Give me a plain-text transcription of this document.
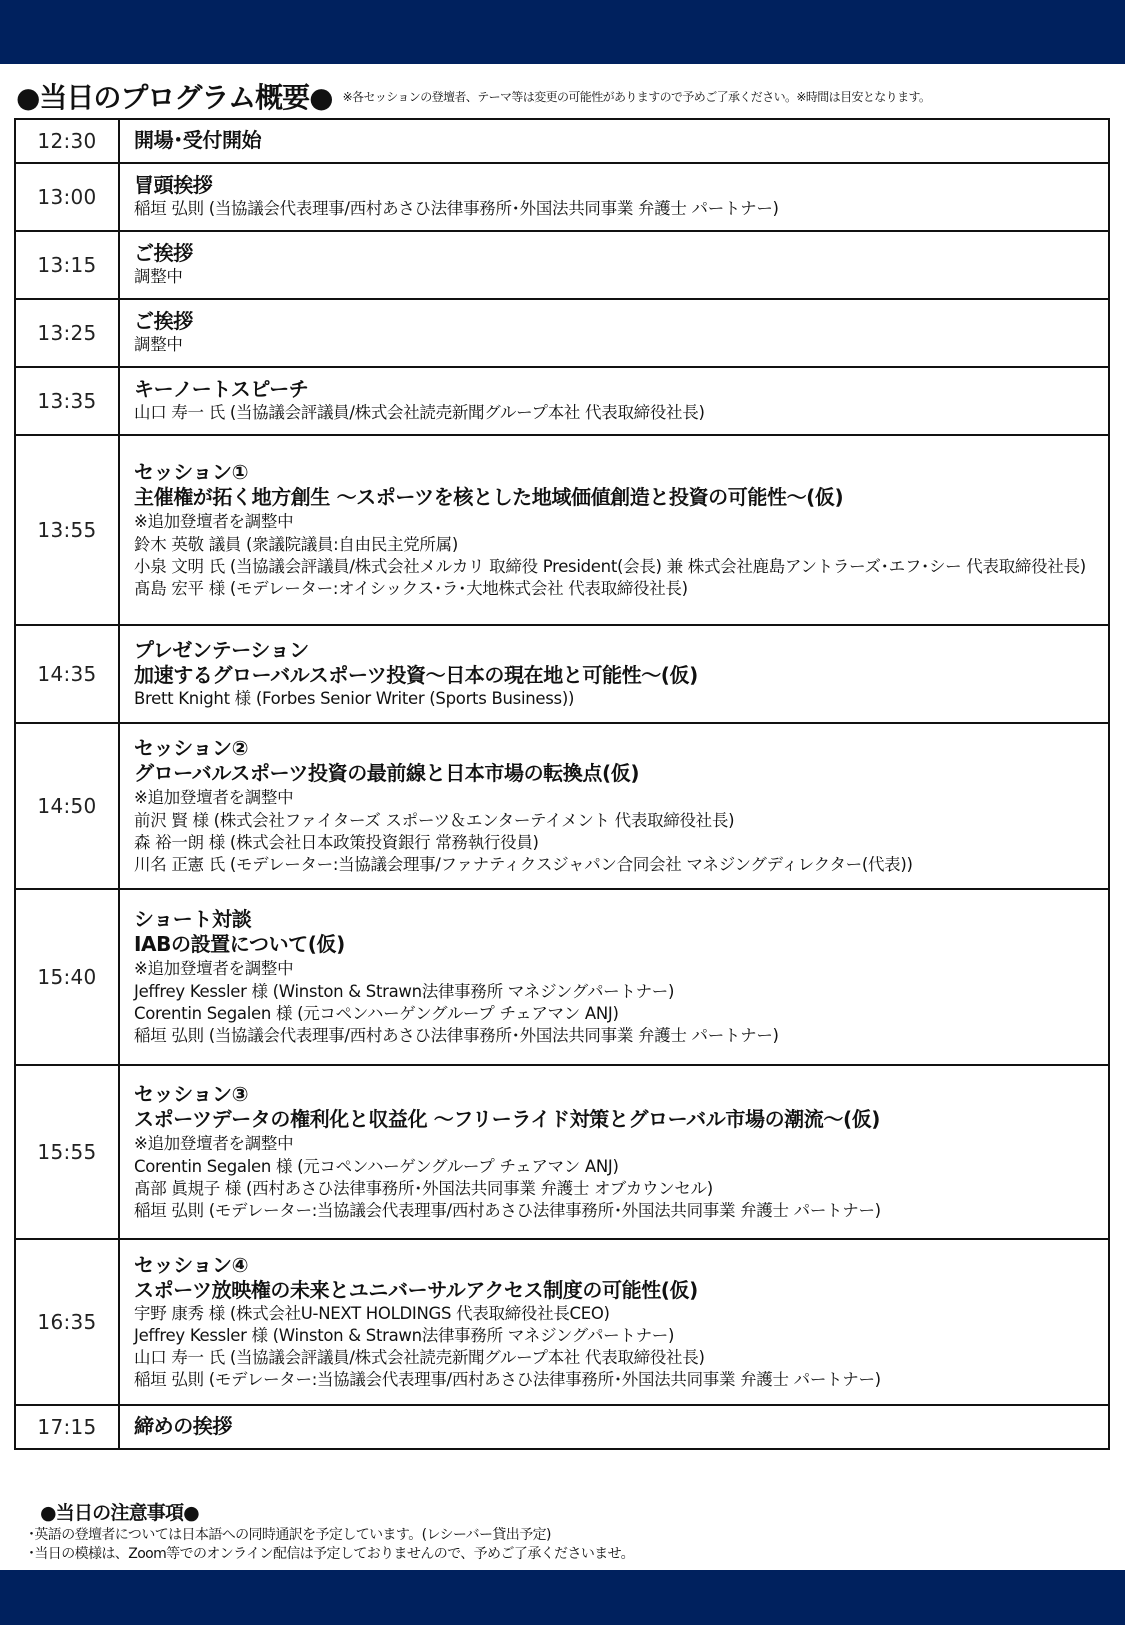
●当日のプログラム概要● ※各セッションの登壇者、テーマ等は変更の可能性がありますので予めご了承ください。※時間は目安となります。
12:30	開場･受付開始

13:00	冒頭挨拶
稲垣 弘則 (当協議会代表理事/西村あさひ法律事務所･外国法共同事業 弁護士 パートナー)

13:15	ご挨拶
調整中

13:25	ご挨拶
調整中

13:35	キーノートスピーチ
山口 寿一 氏 (当協議会評議員/株式会社読売新聞グループ本社 代表取締役社長)

13:55	
セッション①
主催権が拓く地方創生 ～スポーツを核とした地域価値創造と投資の可能性～(仮)
※追加登壇者を調整中
鈴木 英敬 議員 (衆議院議員:自由民主党所属)
小泉 文明 氏 (当協議会評議員/株式会社メルカリ 取締役 President(会長) 兼 株式会社鹿島アントラーズ･エフ･シー 代表取締役社長)
髙島 宏平 様 (モデレーター:オイシックス･ラ･大地株式会社 代表取締役社長)

14:35	プレゼンテーション
加速するグローバルスポーツ投資～日本の現在地と可能性～(仮)
Brett Knight 様 (Forbes Senior Writer (Sports Business))

14:50	
セッション②
グローバルスポーツ投資の最前線と日本市場の転換点(仮)
※追加登壇者を調整中
前沢 賢 様 (株式会社ファイターズ スポーツ＆エンターテイメント 代表取締役社長)
森 裕一朗 様 (株式会社日本政策投資銀行 常務執行役員)
川名 正憲 氏 (モデレーター:当協議会理事/ファナティクスジャパン合同会社 マネジングディレクター(代表))

15:40	
ショート対談
IABの設置について(仮)
※追加登壇者を調整中
Jeffrey Kessler 様 (Winston & Strawn法律事務所 マネジングパートナー)
Corentin Segalen 様 (元コペンハーゲングループ チェアマン ANJ)
稲垣 弘則 (当協議会代表理事/西村あさひ法律事務所･外国法共同事業 弁護士 パートナー)

15:55	
セッション③
スポーツデータの権利化と収益化 ～フリーライド対策とグローバル市場の潮流～(仮)
※追加登壇者を調整中
Corentin Segalen 様 (元コペンハーゲングループ チェアマン ANJ)
髙部 眞規子 様 (西村あさひ法律事務所･外国法共同事業 弁護士 オブカウンセル)
稲垣 弘則 (モデレーター:当協議会代表理事/西村あさひ法律事務所･外国法共同事業 弁護士 パートナー)

16:35	
セッション④
スポーツ放映権の未来とユニバーサルアクセス制度の可能性(仮)
宇野 康秀 様 (株式会社U-NEXT HOLDINGS 代表取締役社長CEO)
Jeffrey Kessler 様 (Winston & Strawn法律事務所 マネジングパートナー)
山口 寿一 氏 (当協議会評議員/株式会社読売新聞グループ本社 代表取締役社長)
稲垣 弘則 (モデレーター:当協議会代表理事/西村あさひ法律事務所･外国法共同事業 弁護士 パートナー)

17:15	締めの挨拶
●当日の注意事項●
･英語の登壇者については日本語への同時通訳を予定しています。(レシーバー貸出予定)
･当日の模様は、Zoom等でのオンライン配信は予定しておりませんので、予めご了承くださいませ。
